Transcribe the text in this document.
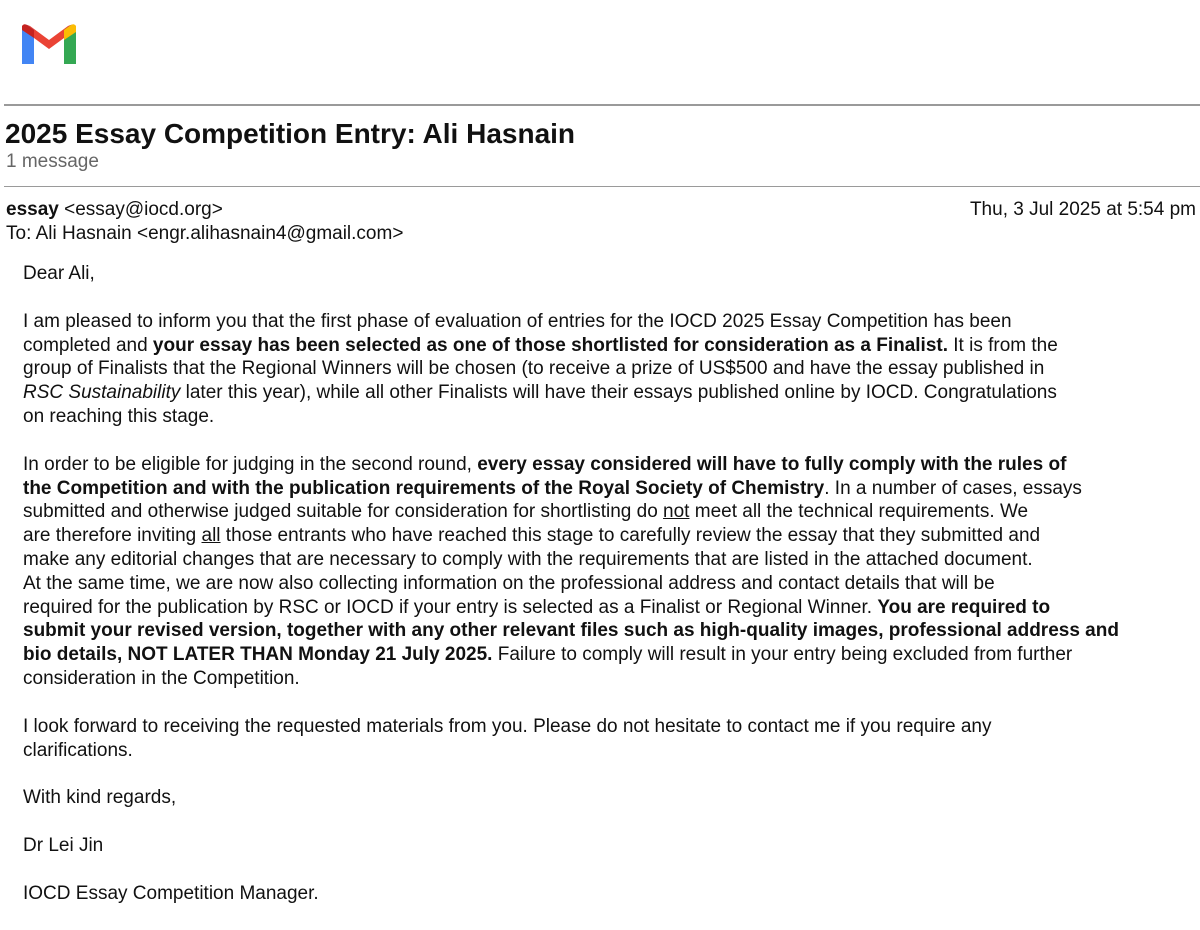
2025 Essay Competition Entry: Ali Hasnain
1 message
essay <essay@iocd.org>	Thu, 3 Jul 2025 at 5:54 pm
To: Ali Hasnain <engr.alihasnain4@gmail.com>

Dear Ali,

I am pleased to inform you that the first phase of evaluation of entries for the IOCD 2025 Essay Competition has been
completed and your essay has been selected as one of those shortlisted for consideration as a Finalist. It is from the
group of Finalists that the Regional Winners will be chosen (to receive a prize of US$500 and have the essay published in
RSC Sustainability later this year), while all other Finalists will have their essays published online by IOCD. Congratulations
on reaching this stage.

In order to be eligible for judging in the second round, every essay considered will have to fully comply with the rules of
the Competition and with the publication requirements of the Royal Society of Chemistry. In a number of cases, essays
submitted and otherwise judged suitable for consideration for shortlisting do not meet all the technical requirements. We
are therefore inviting all those entrants who have reached this stage to carefully review the essay that they submitted and
make any editorial changes that are necessary to comply with the requirements that are listed in the attached document.
At the same time, we are now also collecting information on the professional address and contact details that will be
required for the publication by RSC or IOCD if your entry is selected as a Finalist or Regional Winner. You are required to
submit your revised version, together with any other relevant files such as high-quality images, professional address and
bio details, NOT LATER THAN Monday 21 July 2025. Failure to comply will result in your entry being excluded from further
consideration in the Competition.

I look forward to receiving the requested materials from you. Please do not hesitate to contact me if you require any
clarifications.

With kind regards,

Dr Lei Jin

IOCD Essay Competition Manager.
